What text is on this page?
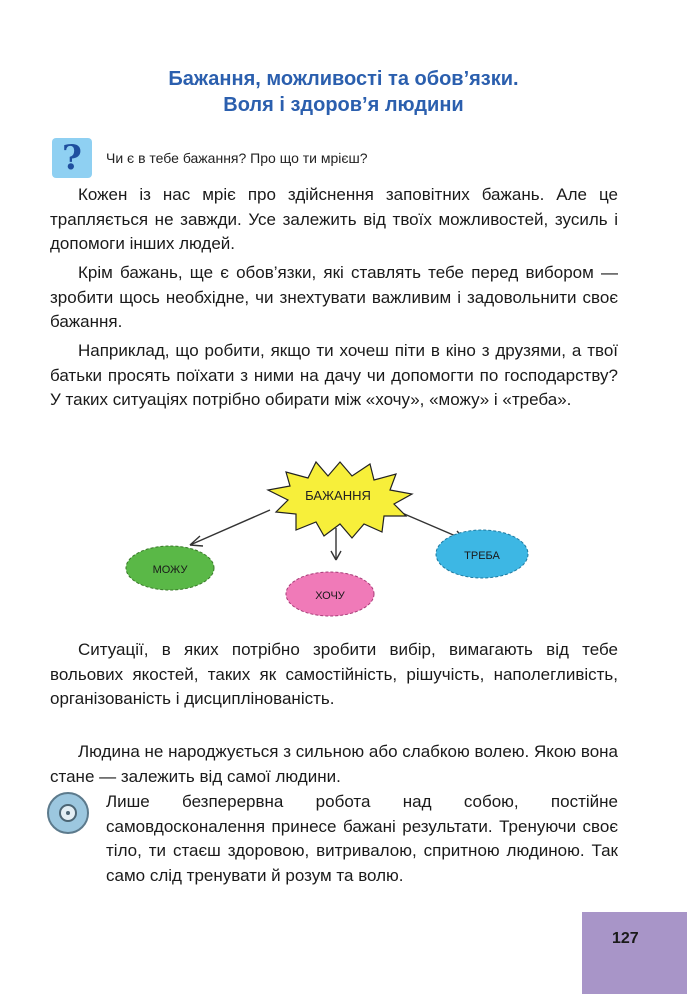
Бажання, можливості та обов’язки.
Воля і здоров’я людини
?	Чи є в тебе бажання? Про що ти мрієш?

Кожен із нас мріє про здійснення заповітних бажань. Але це трапляється не завжди. Усе залежить від твоїх можливостей, зусиль і допомоги інших людей.

Крім бажань, ще є обов’язки, які ставлять тебе перед вибором — зробити щось необхідне, чи знехтувати важливим і задовольнити своє бажання.

Наприклад, що робити, якщо ти хочеш піти в кіно з друзями, а твої батьки просять поїхати з ними на дачу чи допомогти по господарству? У таких ситуаціях потрібно обирати між «хочу», «можу» і «треба».

БАЖАННЯ
МОЖУ
ХОЧУ
ТРЕБА

Ситуації, в яких потрібно зробити вибір, вимагають від тебе вольових якостей, таких як самостійність, рішучість, наполегливість, організованість і дисциплінованість.

Людина не народжується з сильною або слабкою волею. Якою вона стане — залежить від самої людини.

Лише безперервна робота над собою, постійне самовдосконалення принесе бажані результати. Тренуючи своє тіло, ти стаєш здоровою, витривалою, спритною людиною. Так само слід тренувати й розум та волю.

127
